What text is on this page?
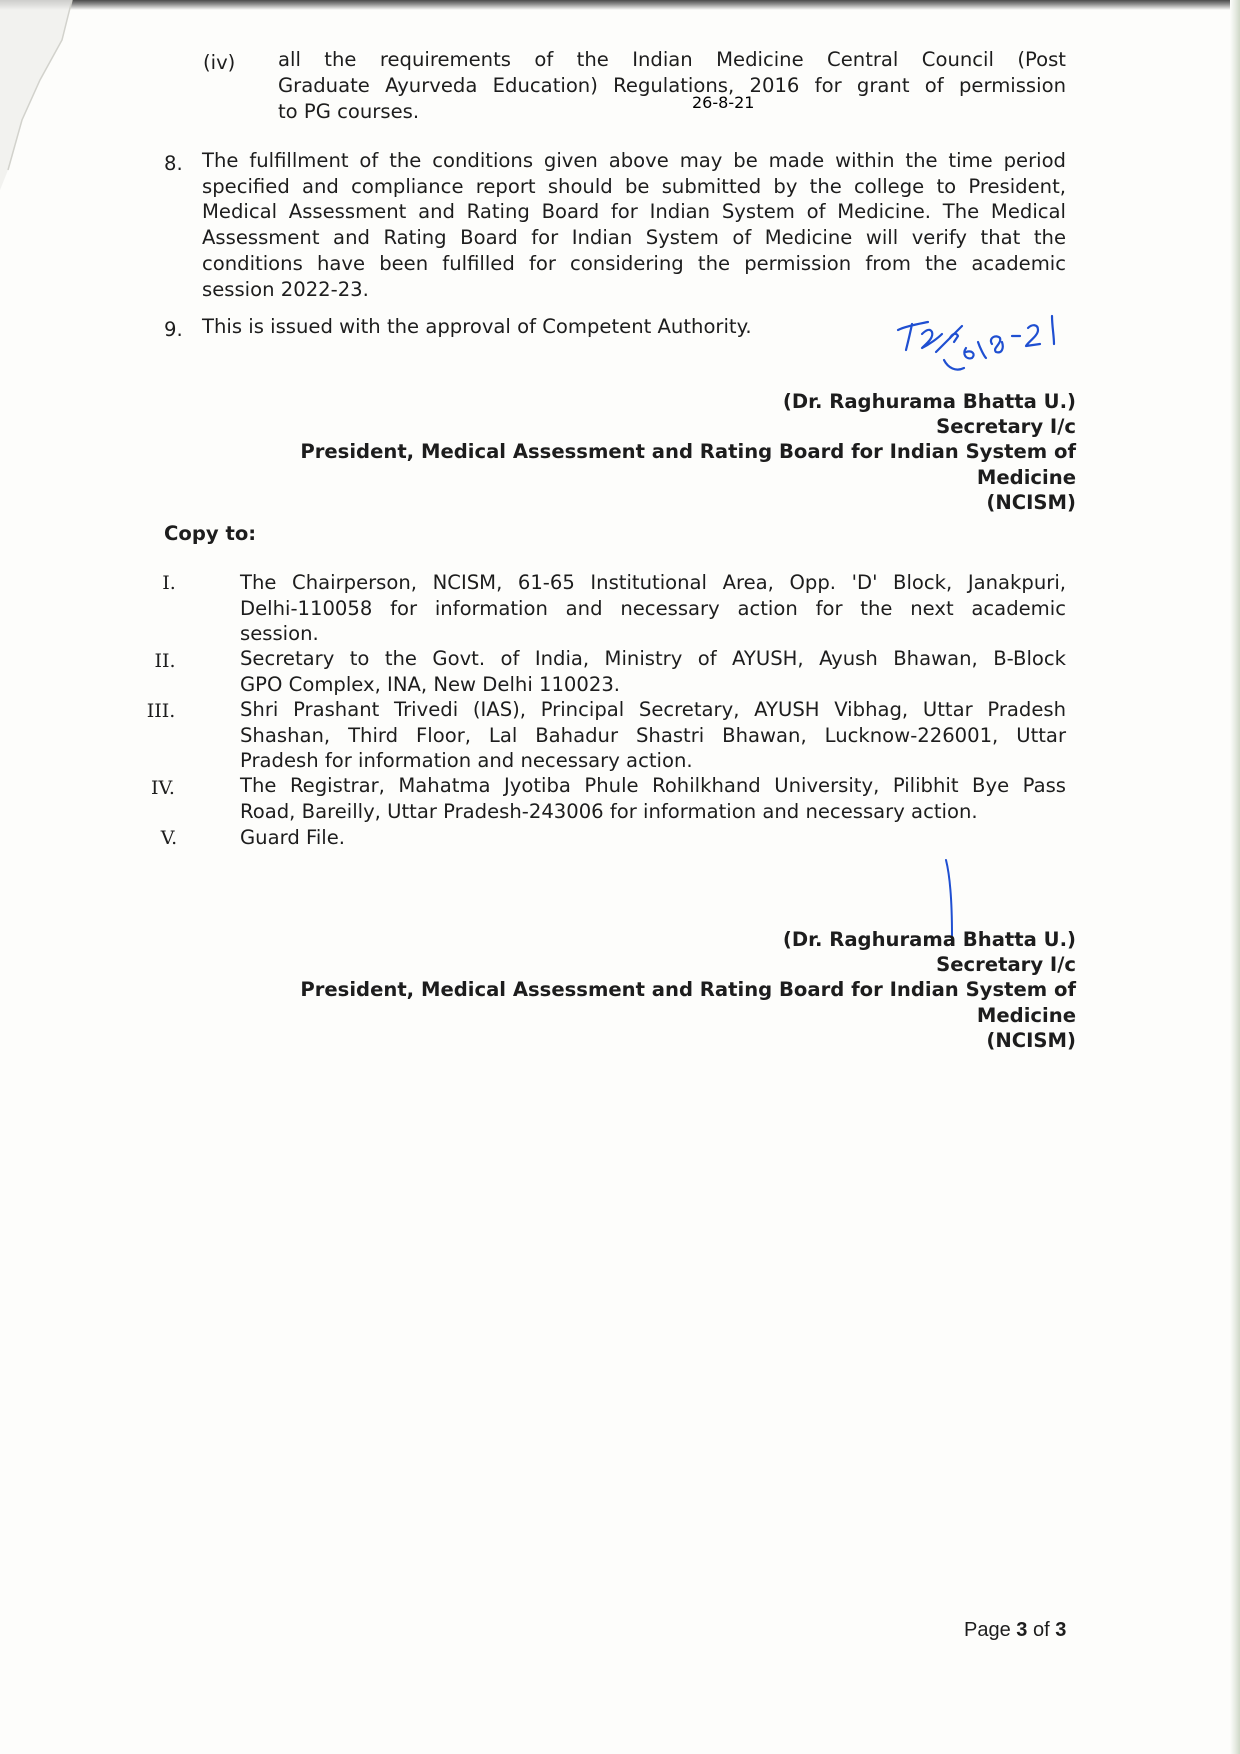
(iv) all the requirements of the Indian Medicine Central Council (Post
Graduate Ayurveda Education) Regulations, 2016 for grant of permission
to PG courses.
8. The fulfillment of the conditions given above may be made within the time period
specified and compliance report should be submitted by the college to President,
Medical Assessment and Rating Board for Indian System of Medicine. The Medical
Assessment and Rating Board for Indian System of Medicine will verify that the
conditions have been fulfilled for considering the permission from the academic
session 2022-23.
9. This is issued with the approval of Competent Authority.
26-8-21
(Dr. Raghurama Bhatta U.)
Secretary I/c
President, Medical Assessment and Rating Board for Indian System of
Medicine
(NCISM)
Copy to:
I.	The Chairperson, NCISM, 61-65 Institutional Area, Opp. 'D' Block, Janakpuri,
Delhi-110058 for information and necessary action for the next academic
session.
II.	Secretary to the Govt. of India, Ministry of AYUSH, Ayush Bhawan, B-Block
GPO Complex, INA, New Delhi 110023.
III.	Shri Prashant Trivedi (IAS), Principal Secretary, AYUSH Vibhag, Uttar Pradesh
Shashan, Third Floor, Lal Bahadur Shastri Bhawan, Lucknow-226001, Uttar
Pradesh for information and necessary action.
IV.	The Registrar, Mahatma Jyotiba Phule Rohilkhand University, Pilibhit Bye Pass
Road, Bareilly, Uttar Pradesh-243006 for information and necessary action.
V.	Guard File.
(Dr. Raghurama Bhatta U.)
Secretary I/c
President, Medical Assessment and Rating Board for Indian System of
Medicine
(NCISM)
Page 3 of 3
